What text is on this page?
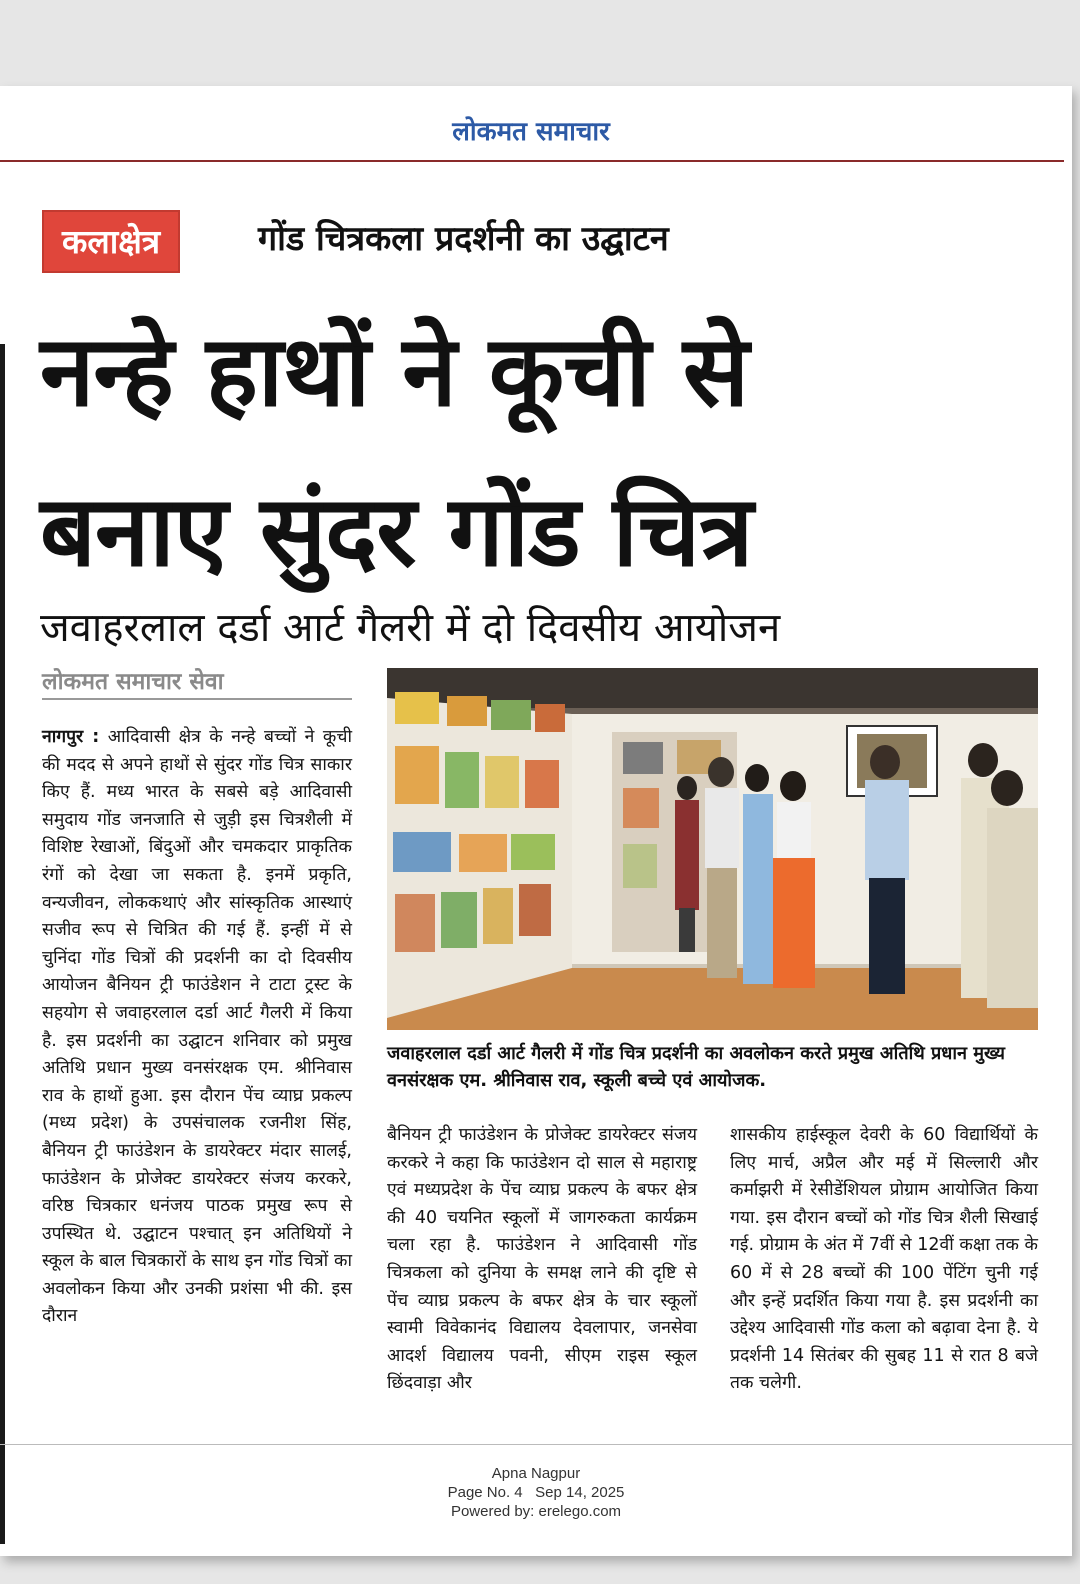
लोकमत समाचार
कलाक्षेत्र	गोंड चित्रकला प्रदर्शनी का उद्घाटन
नन्हे हाथों ने कूची से
बनाए सुंदर गोंड चित्र
जवाहरलाल दर्डा आर्ट गैलरी में दो दिवसीय आयोजन
लोकमत समाचार सेवा
नागपुर : आदिवासी क्षेत्र के नन्हे बच्चों ने कूची की मदद से अपने हाथों से सुंदर गोंड चित्र साकार किए हैं. मध्य भारत के सबसे बड़े आदिवासी समुदाय गोंड जनजाति से जुड़ी इस चित्रशैली में विशिष्ट रेखाओं, बिंदुओं और चमकदार प्राकृतिक रंगों को देखा जा सकता है. इनमें प्रकृति, वन्यजीवन, लोककथाएं और सांस्कृतिक आस्थाएं सजीव रूप से चित्रित की गई हैं. इन्हीं में से चुनिंदा गोंड चित्रों की प्रदर्शनी का दो दिवसीय आयोजन बैनियन ट्री फाउंडेशन ने टाटा ट्रस्ट के सहयोग से जवाहरलाल दर्डा आर्ट गैलरी में किया है. इस प्रदर्शनी का उद्घाटन शनिवार को प्रमुख अतिथि प्रधान मुख्य वनसंरक्षक एम. श्रीनिवास राव के हाथों हुआ. इस दौरान पेंच व्याघ्र प्रकल्प (मध्य प्रदेश) के उपसंचालक रजनीश सिंह, बैनियन ट्री फाउंडेशन के डायरेक्टर मंदार सालई, फाउंडेशन के प्रोजेक्ट डायरेक्टर संजय करकरे, वरिष्ठ चित्रकार धनंजय पाठक प्रमुख रूप से उपस्थित थे. उद्घाटन पश्चात् इन अतिथियों ने स्कूल के बाल चित्रकारों के साथ इन गोंड चित्रों का अवलोकन किया और उनकी प्रशंसा भी की. इस दौरान
जवाहरलाल दर्डा आर्ट गैलरी में गोंड चित्र प्रदर्शनी का अवलोकन करते प्रमुख अतिथि प्रधान मुख्य वनसंरक्षक एम. श्रीनिवास राव, स्कूली बच्चे एवं आयोजक.
बैनियन ट्री फाउंडेशन के प्रोजेक्ट डायरेक्टर संजय करकरे ने कहा कि फाउंडेशन दो साल से महाराष्ट्र एवं मध्यप्रदेश के पेंच व्याघ्र प्रकल्प के बफर क्षेत्र की 40 चयनित स्कूलों में जागरुकता कार्यक्रम चला रहा है. फाउंडेशन ने आदिवासी गोंड चित्रकला को दुनिया के समक्ष लाने की दृष्टि से पेंच व्याघ्र प्रकल्प के बफर क्षेत्र के चार स्कूलों स्वामी विवेकानंद विद्यालय देवलापार, जनसेवा आदर्श विद्यालय पवनी, सीएम राइस स्कूल छिंदवाड़ा और
शासकीय हाईस्कूल देवरी के 60 विद्यार्थियों के लिए मार्च, अप्रैल और मई में सिल्लारी और कर्माझरी में रेसीडेंशियल प्रोग्राम आयोजित किया गया. इस दौरान बच्चों को गोंड चित्र शैली सिखाई गई. प्रोग्राम के अंत में 7वीं से 12वीं कक्षा तक के 60 में से 28 बच्चों की 100 पेंटिंग चुनी गई और इन्हें प्रदर्शित किया गया है. इस प्रदर्शनी का उद्देश्य आदिवासी गोंड कला को बढ़ावा देना है. ये प्रदर्शनी 14 सितंबर की सुबह 11 से रात 8 बजे तक चलेगी.
Apna Nagpur
Page No. 4   Sep 14, 2025
Powered by: erelego.com
